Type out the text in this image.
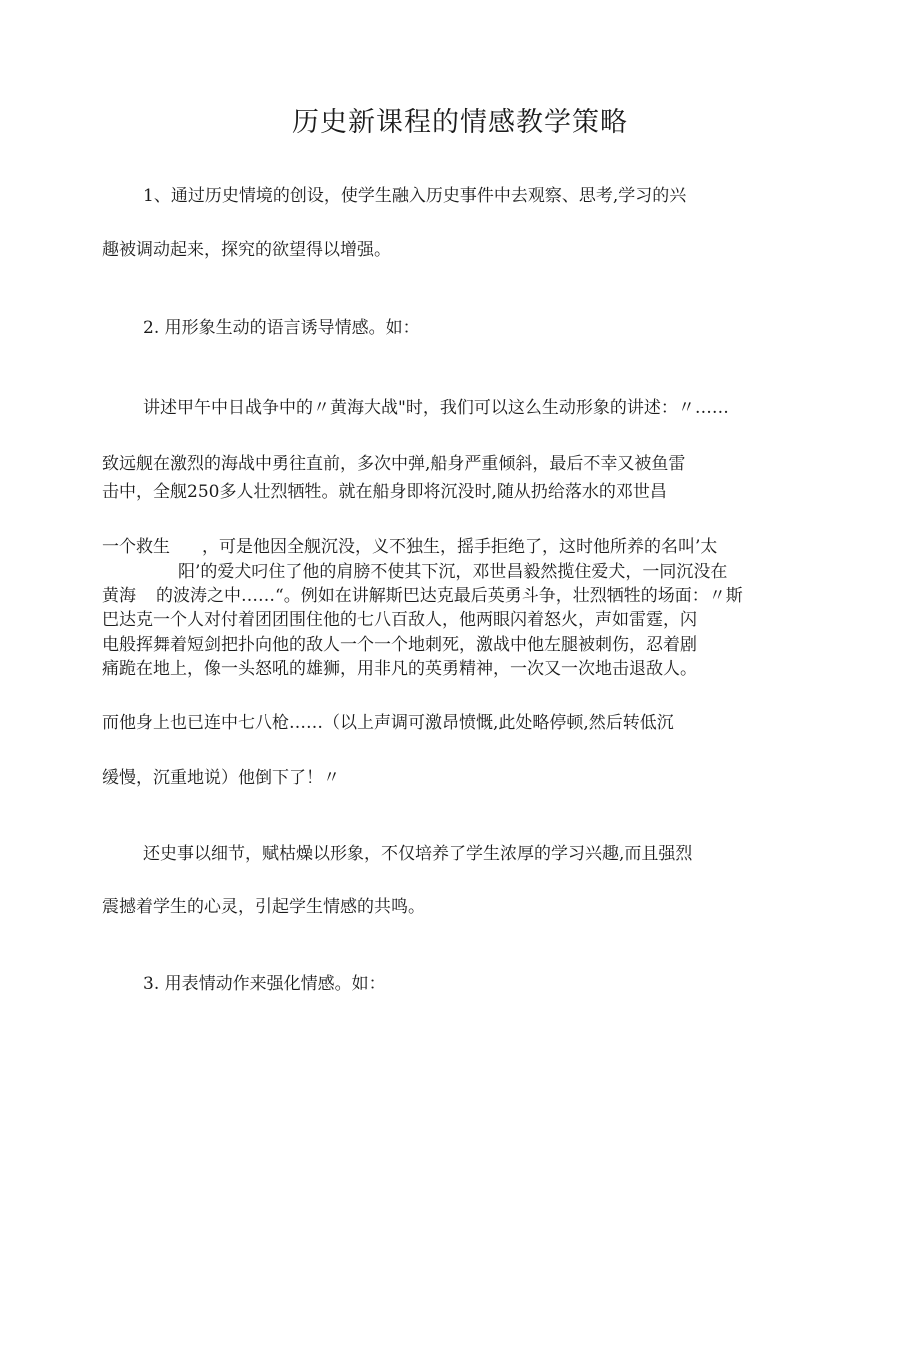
历史新课程的情感教学策略
1、通过历史情境的创设，使学生融入历史事件中去观察、思考,学习的兴
趣被调动起来，探究的欲望得以增强。
2. 用形象生动的语言诱导情感。如：
讲述甲午中日战争中的〃黄海大战"时，我们可以这么生动形象的讲述：〃……
致远舰在激烈的海战中勇往直前，多次中弹,船身严重倾斜，最后不幸又被鱼雷
击中，全舰250多人壮烈牺牲。就在船身即将沉没时,随从扔给落水的邓世昌
一个救生 ，可是他因全舰沉没，义不独生，摇手拒绝了，这时他所养的名叫’太
阳’的爱犬叼住了他的肩膀不使其下沉，邓世昌毅然揽住爱犬，一同沉没在
黄海 的波涛之中……“。例如在讲解斯巴达克最后英勇斗争，壮烈牺牲的场面：〃斯
巴达克一个人对付着团团围住他的七八百敌人，他两眼闪着怒火，声如雷霆，闪
电般挥舞着短剑把扑向他的敌人一个一个地刺死，激战中他左腿被刺伤，忍着剧
痛跪在地上，像一头怒吼的雄狮，用非凡的英勇精神，一次又一次地击退敌人。
而他身上也已连中七八枪……（以上声调可激昂愤慨,此处略停顿,然后转低沉
缓慢，沉重地说）他倒下了！〃
还史事以细节，赋枯燥以形象，不仅培养了学生浓厚的学习兴趣,而且强烈
震撼着学生的心灵，引起学生情感的共鸣。
3. 用表情动作来强化情感。如：
